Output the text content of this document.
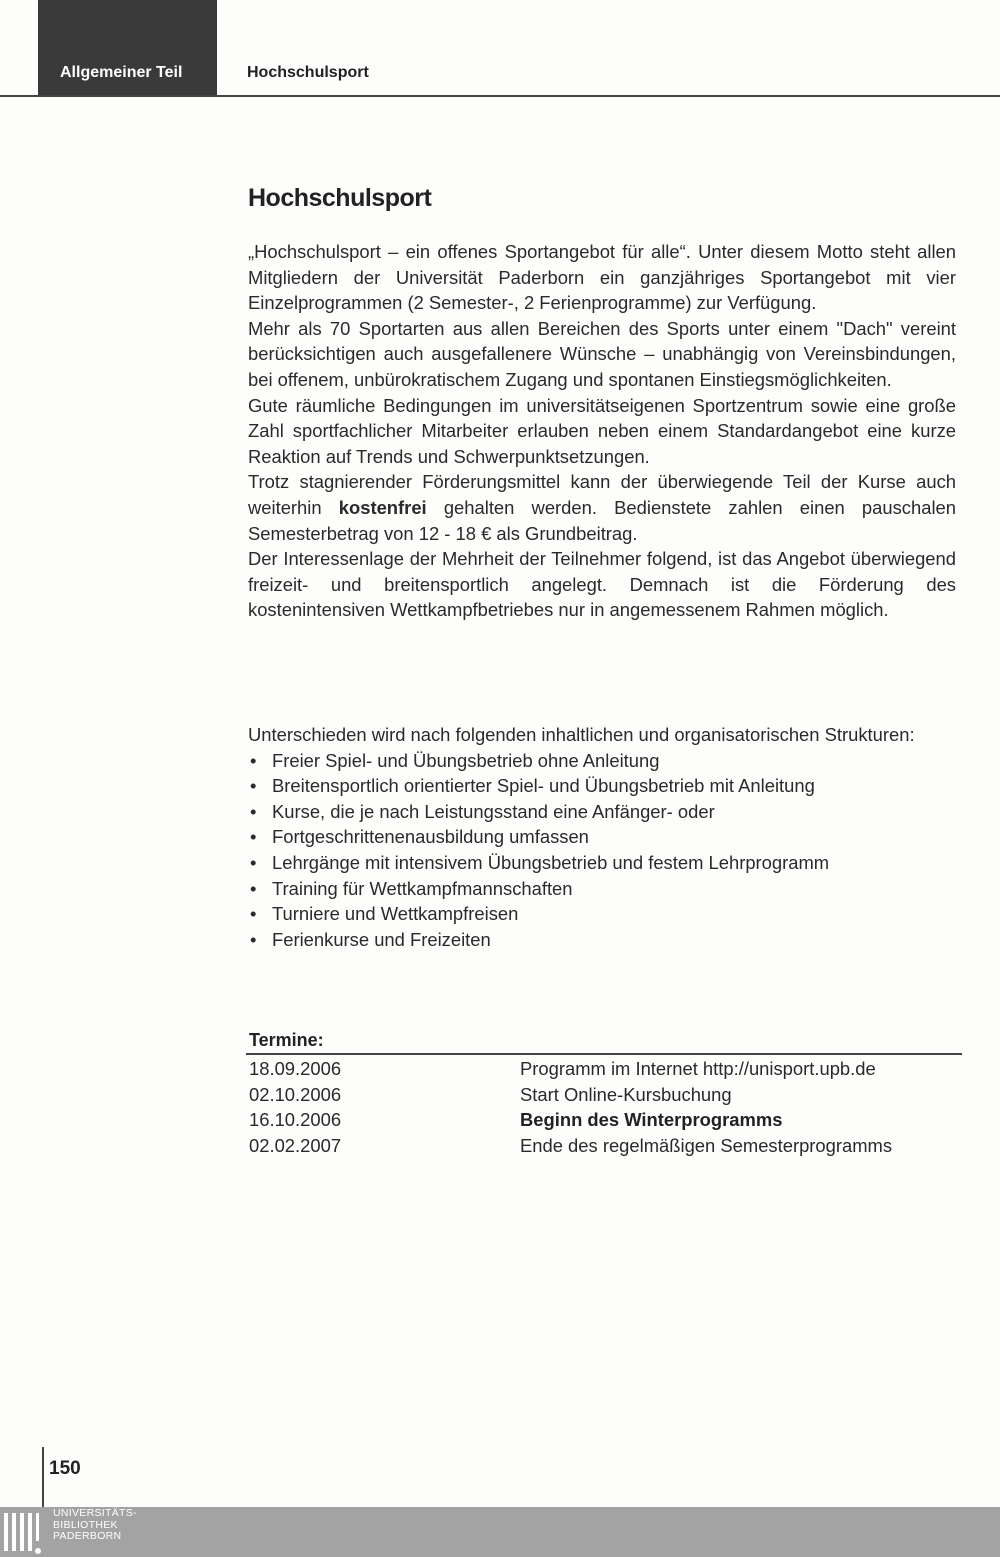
Allgemeiner Teil	Hochschulsport
Hochschulsport

„Hochschulsport – ein offenes Sportangebot für alle“. Unter diesem Motto steht allen Mitgliedern der Universität Paderborn ein ganzjähriges Sportangebot mit vier Einzelprogrammen (2 Semester-, 2 Ferienprogramme) zur Verfügung.

Mehr als 70 Sportarten aus allen Bereichen des Sports unter einem "Dach" vereint berücksichtigen auch ausgefallenere Wünsche – unabhängig von Vereinsbindungen, bei offenem, unbürokratischem Zugang und spontanen Einstiegsmöglichkeiten.

Gute räumliche Bedingungen im universitätseigenen Sportzentrum sowie eine große Zahl sportfachlicher Mitarbeiter erlauben neben einem Standardangebot eine kurze Reaktion auf Trends und Schwerpunktsetzungen.

Trotz stagnierender Förderungsmittel kann der überwiegende Teil der Kurse auch weiterhin kostenfrei gehalten werden. Bedienstete zahlen einen pauschalen Semesterbetrag von 12 - 18 € als Grundbeitrag.

Der Interessenlage der Mehrheit der Teilnehmer folgend, ist das Angebot überwiegend freizeit- und breitensportlich angelegt. Demnach ist die Förderung des kostenintensiven Wettkampfbetriebes nur in angemessenem Rahmen möglich.

Unterschieden wird nach folgenden inhaltlichen und organisatorischen Strukturen:

• Freier Spiel- und Übungsbetrieb ohne Anleitung
• Breitensportlich orientierter Spiel- und Übungsbetrieb mit Anleitung
• Kurse, die je nach Leistungsstand eine Anfänger- oder
• Fortgeschrittenenausbildung umfassen
• Lehrgänge mit intensivem Übungsbetrieb und festem Lehrprogramm
• Training für Wettkampfmannschaften
• Turniere und Wettkampfreisen
• Ferienkurse und Freizeiten
Termine:
18.09.2006	Programm im Internet http://unisport.upb.de
02.10.2006	Start Online-Kursbuchung
16.10.2006	Beginn des Winterprogramms
02.02.2007	Ende des regelmäßigen Semesterprogramms
150
UNIVERSITÄTS-
BIBLIOTHEK
PADERBORN
